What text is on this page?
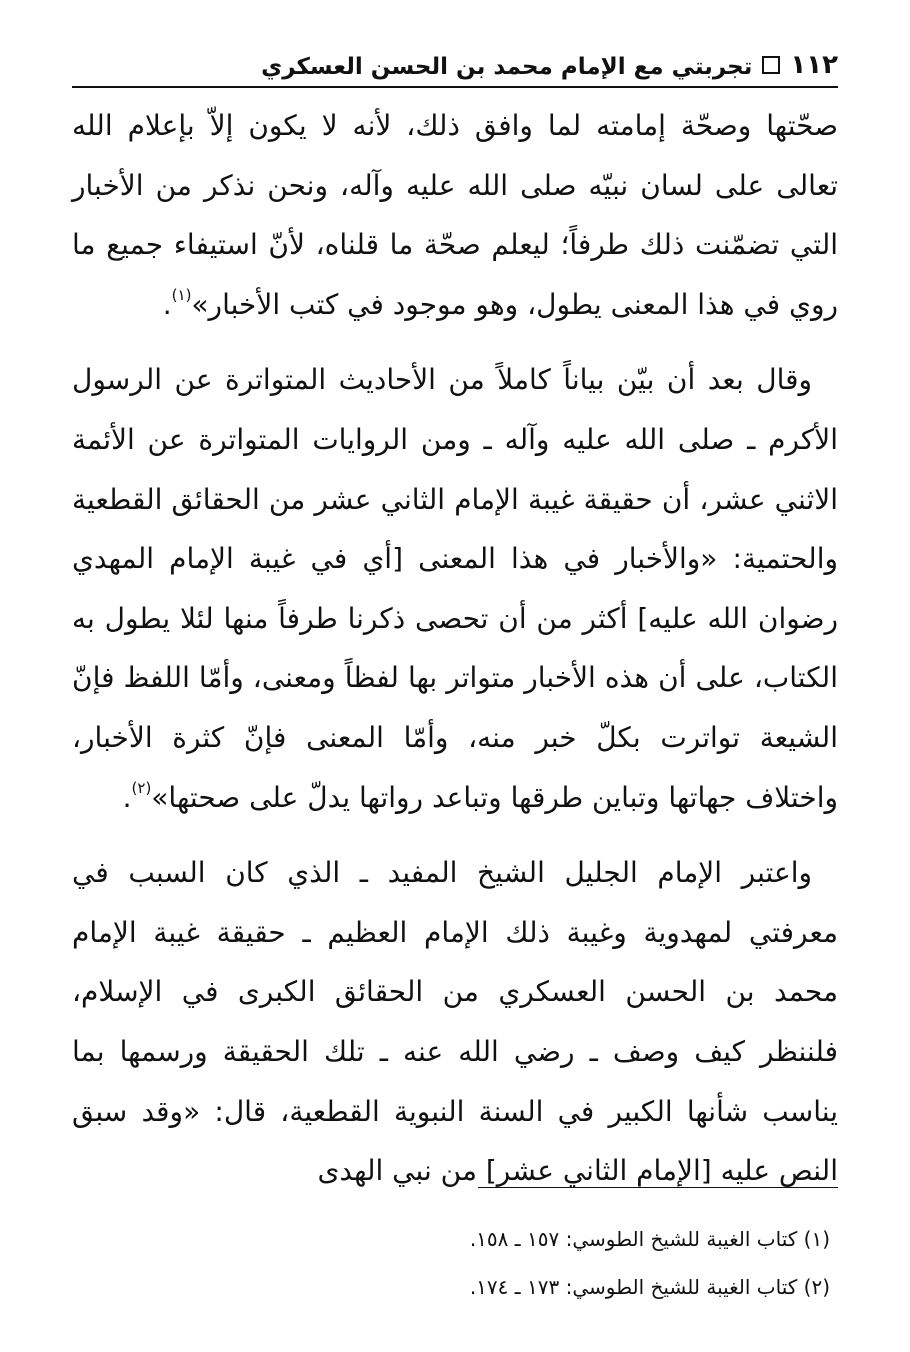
١١٢
تجربتي مع الإمام محمد بن الحسن العسكري

صحّتها وصحّة إمامته لما وافق ذلك، لأنه لا يكون إلاّ بإعلام الله تعالى على لسان نبيّه صلى الله عليه وآله، ونحن نذكر من الأخبار التي تضمّنت ذلك طرفاً؛ ليعلم صحّة ما قلناه، لأنّ استيفاء جميع ما روي في هذا المعنى يطول، وهو موجود في كتب الأخبار»$^{(١)}$.

وقال بعد أن بيّن بياناً كاملاً من الأحاديث المتواترة عن الرسول الأكرم ـ صلى الله عليه وآله ـ ومن الروايات المتواترة عن الأئمة الاثني عشر، أن حقيقة غيبة الإمام الثاني عشر من الحقائق القطعية والحتمية: «والأخبار في هذا المعنى [أي في غيبة الإمام المهدي رضوان الله عليه] أكثر من أن تحصى ذكرنا طرفاً منها لئلا يطول به الكتاب، على أن هذه الأخبار متواتر بها لفظاً ومعنى، وأمّا اللفظ فإنّ الشيعة تواترت بكلّ خبر منه، وأمّا المعنى فإنّ كثرة الأخبار، واختلاف جهاتها وتباين طرقها وتباعد رواتها يدلّ على صحتها»$^{(٢)}$.

واعتبر الإمام الجليل الشيخ المفيد ـ الذي كان السبب في معرفتي لمهدوية وغيبة ذلك الإمام العظيم ـ حقيقة غيبة الإمام محمد بن الحسن العسكري من الحقائق الكبرى في الإسلام، فلننظر كيف وصف ـ رضي الله عنه ـ تلك الحقيقة ورسمها بما يناسب شأنها الكبير في السنة النبوية القطعية، قال: «وقد سبق النص عليه [الإمام الثاني عشر] من نبي الهدى

(١) كتاب الغيبة للشيخ الطوسي: ١٥٧ ـ ١٥٨.

(٢) كتاب الغيبة للشيخ الطوسي: ١٧٣ ـ ١٧٤.
